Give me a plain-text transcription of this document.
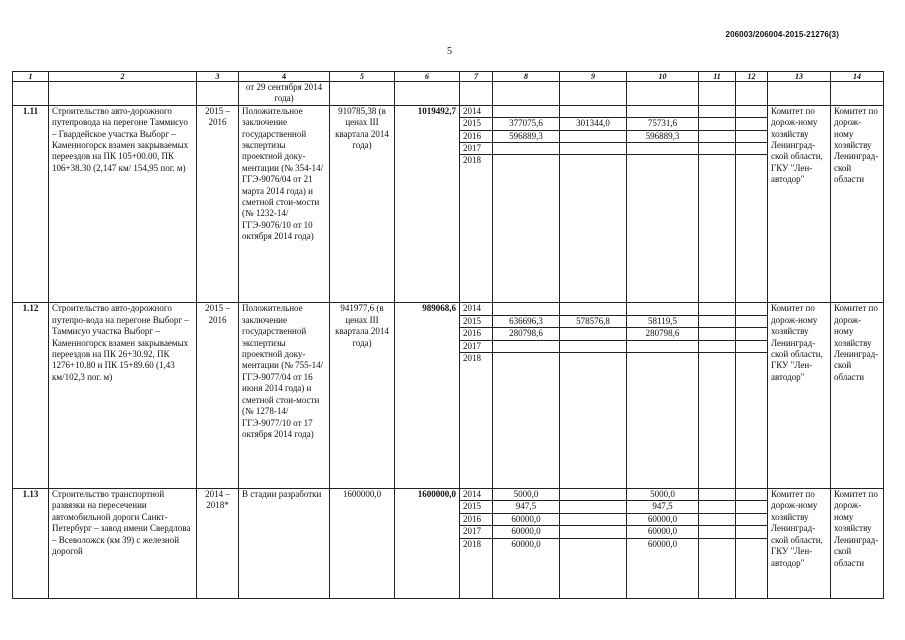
206003/206004-2015-21276(3)
5
1	2	3	4	5	6	7	8	9	10	11	12	13	14
			от 29 сентября 2014 года)										
1.11	Строительство авто-дорожного путепровода на перегоне Таммисуо – Гвардейское участка Выборг – Каменногорск взамен закрываемых переездов на ПК 105+00.00, ПК 106+38.30 (2,147 км/ 154,95 пог. м)	2015 – 2016	Положительное заключение государственной экспертизы проектной доку-ментации (№ 354-14/ГГЭ-9076/04 от 21 марта 2014 года) и сметной стои-мости (№ 1232-14/ГГЭ-9076/10 от 10 октября 2014 года)	910785,38 (в ценах III квартала 2014 года)	1019492,7	2014						Комитет по дорож-ному хозяйству Ленинград-ской области, ГКУ "Лен-автодор"	Комитет по дорож-ному хозяйству Ленинград-ской области
						2015	377075,6	301344,0	75731,6				
						2016	596889,3		596889,3				
						2017							
						2018							
1.12	Строительство авто-дорожного путепро-вода на перегоне Выборг – Таммисуо участка Выборг – Каменногорск взамен закрываемых переездов на ПК 26+30.92, ПК 1276+10.80 и ПК 15+89.60 (1,43 км/102,3 пог. м)	2015 – 2016	Положительное заключение государственной экспертизы проектной доку-ментации (№ 755-14/ГГЭ-9077/04 от 16 июня 2014 года) и сметной стои-мости (№ 1278-14/ГГЭ-9077/10 от 17 октября 2014 года)	941977,6 (в ценах III квартала 2014 года)	989068,6	2014						Комитет по дорож-ному хозяйству Ленинград-ской области, ГКУ "Лен-автодор"	Комитет по дорож-ному хозяйству Ленинград-ской области
						2015	636696,3	578576,8	58119,5				
						2016	280798,6		280798,6				
						2017							
						2018							
1.13	Строительство транспортной развязки на пересечении автомобильной дороги Санкт-Петербург – завод имени Свердлова – Всеволожск (км 39) с железной дорогой	2014 – 2018*	В стадии разработки	1600000,0	1600000,0	2014	5000,0		5000,0			Комитет по дорож-ному хозяйству Ленинград-ской области, ГКУ "Лен-автодор"	Комитет по дорож-ному хозяйству Ленинград-ской области
						2015	947,5		947,5				
						2016	60000,0		60000,0				
						2017	60000,0		60000,0				
						2018	60000,0		60000,0				
